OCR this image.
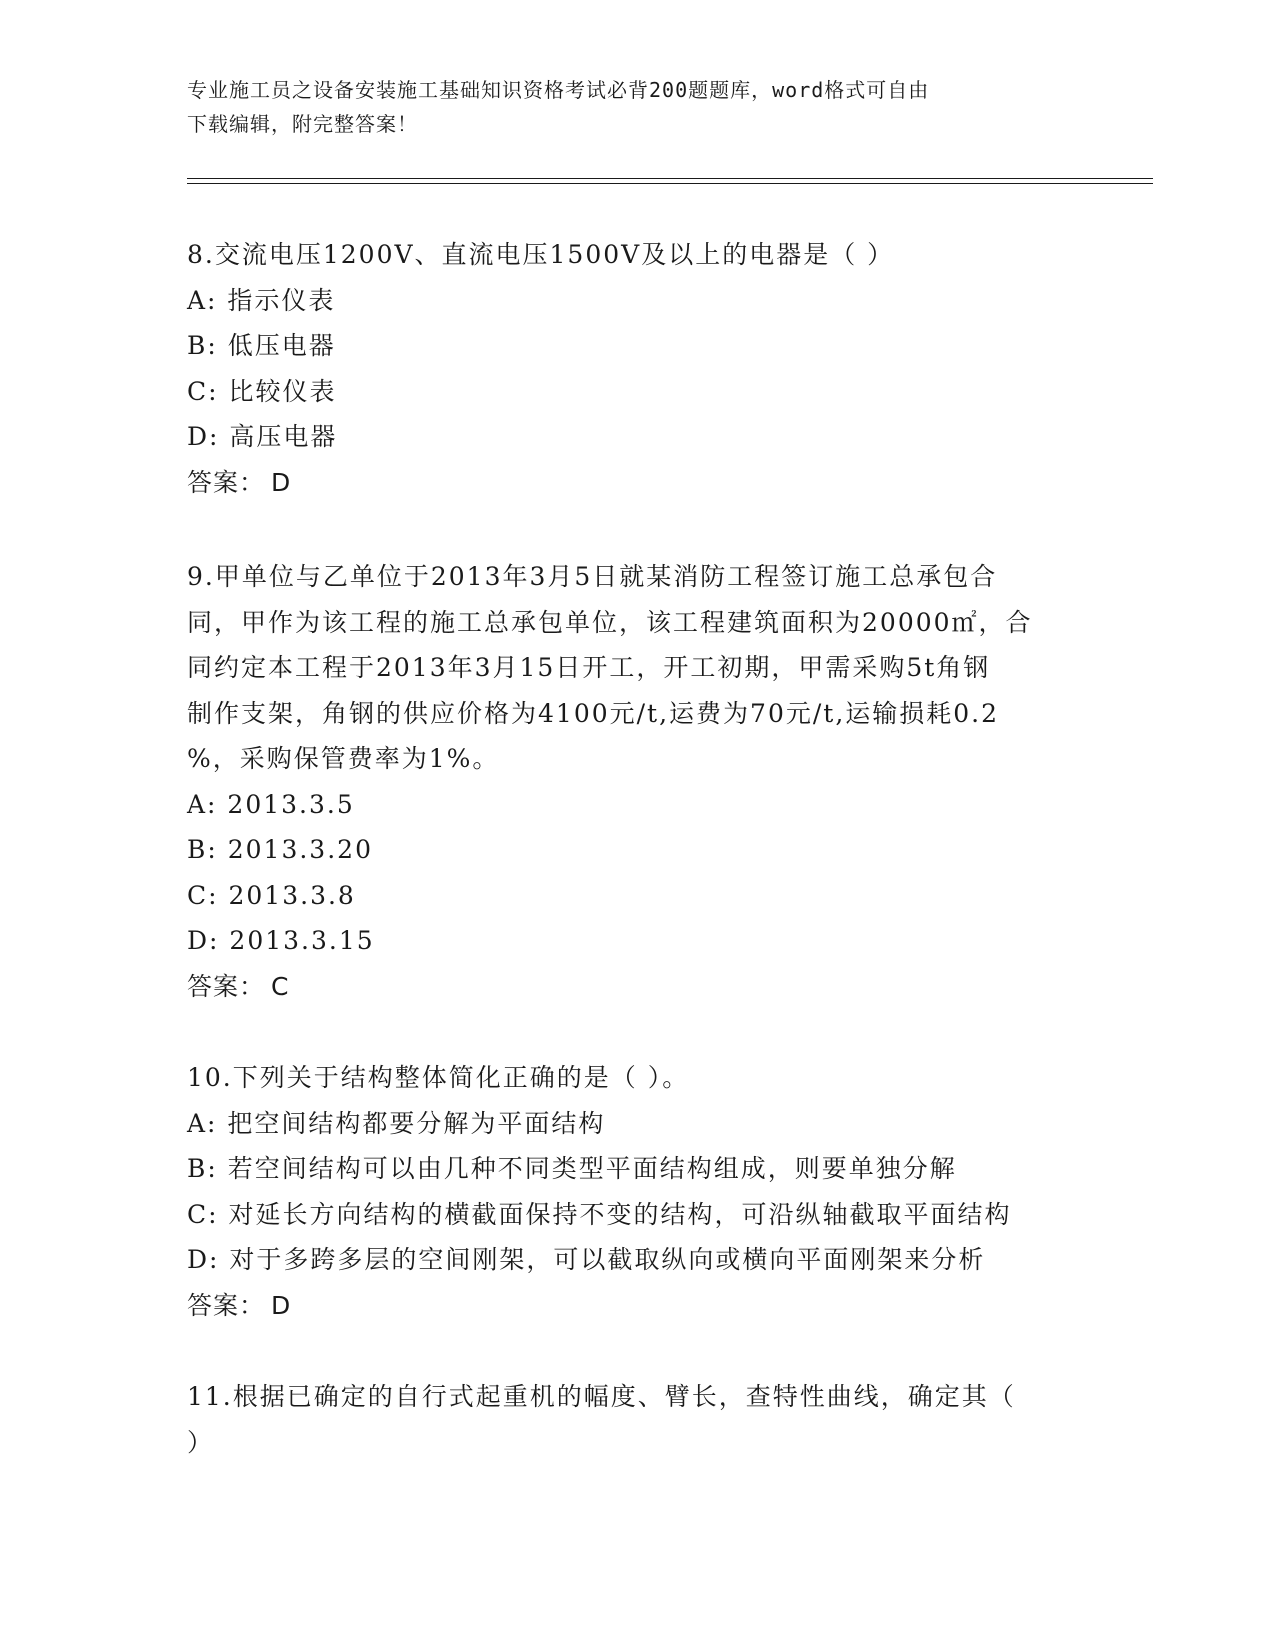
专业施工员之设备安装施工基础知识资格考试必背200题题库，word格式可自由
下载编辑，附完整答案！
8.交流电压1200V、直流电压1500V及以上的电器是（ ）
A: 指示仪表
B: 低压电器
C: 比较仪表
D: 高压电器
答案： D
9.甲单位与乙单位于2013年3月5日就某消防工程签订施工总承包合
同，甲作为该工程的施工总承包单位，该工程建筑面积为20000㎡，合
同约定本工程于2013年3月15日开工，开工初期，甲需采购5t角钢
制作支架，角钢的供应价格为4100元/t,运费为70元/t,运输损耗0.2
%，采购保管费率为1%。
A: 2013.3.5
B: 2013.3.20
C: 2013.3.8
D: 2013.3.15
答案： C
10.下列关于结构整体简化正确的是（ ）。
A: 把空间结构都要分解为平面结构
B: 若空间结构可以由几种不同类型平面结构组成，则要单独分解
C: 对延长方向结构的横截面保持不变的结构，可沿纵轴截取平面结构
D: 对于多跨多层的空间刚架，可以截取纵向或横向平面刚架来分析
答案： D
11.根据已确定的自行式起重机的幅度、臂长，查特性曲线，确定其（
）
